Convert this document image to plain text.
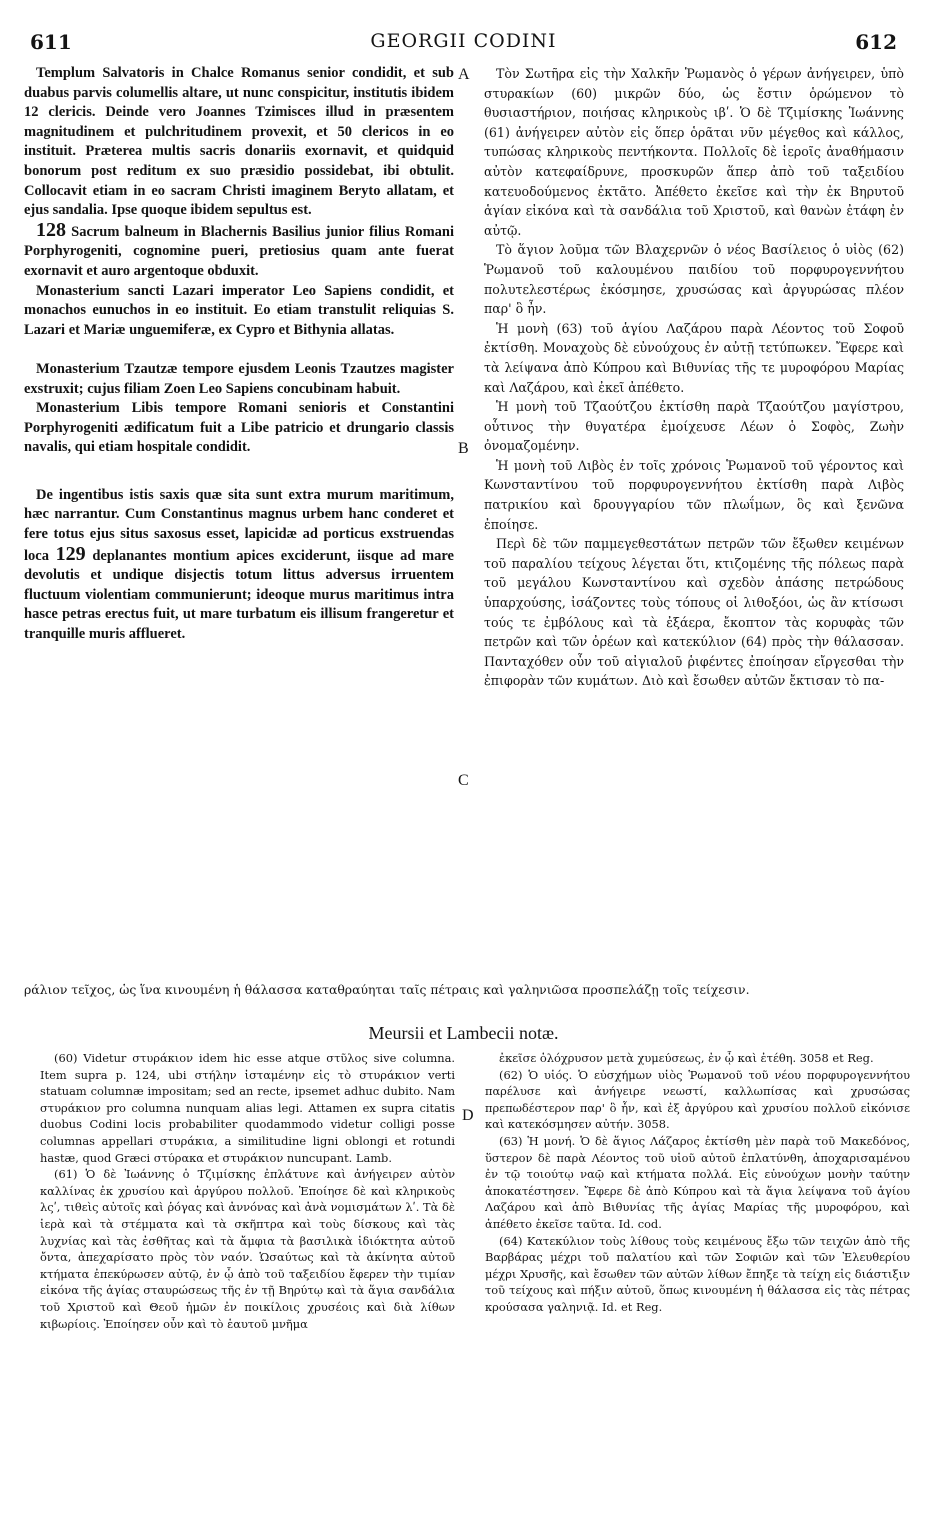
611	GEORGII CODINI	612
A
B
C
D

Templum Salvatoris in Chalce Romanus senior condidit, et sub duabus parvis columellis altare, ut nunc conspicitur, institutis ibidem 12 clericis. Deinde vero Joannes Tzimisces illud in præsentem magnitudinem et pulchritudinem provexit, et 50 clericos in eo instituit. Præterea multis sacris donariis exornavit, et quidquid bonorum post reditum ex suo præsidio possidebat, ibi obtulit. Collocavit etiam in eo sacram Christi imaginem Beryto allatam, et ejus sandalia. Ipse quoque ibidem sepultus est.

128 Sacrum balneum in Blachernis Basilius junior filius Romani Porphyrogeniti, cognomine pueri, pretiosius quam ante fuerat exornavit et auro argentoque obduxit.

Monasterium sancti Lazari imperator Leo Sapiens condidit, et monachos eunuchos in eo instituit. Eo etiam transtulit reliquias S. Lazari et Mariæ unguemiferæ, ex Cypro et Bithynia allatas.

Monasterium Tzautzæ tempore ejusdem Leonis Tzautzes magister exstruxit; cujus filiam Zoen Leo Sapiens concubinam habuit.

Monasterium Libis tempore Romani senioris et Constantini Porphyrogeniti ædificatum fuit a Libe patricio et drungario classis navalis, qui etiam hospitale condidit.

De ingentibus istis saxis quæ sita sunt extra murum maritimum, hæc narrantur. Cum Constantinus magnus urbem hanc conderet et fere totus ejus situs saxosus esset, lapicidæ ad porticus exstruendas loca 129 deplanantes montium apices exciderunt, iisque ad mare devolutis et undique disjectis totum littus adversus irruentem fluctuum violentiam communierunt; ideoque murus maritimus intra hasce petras erectus fuit, ut mare turbatum eis illisum frangeretur et tranquille muris afflueret.

Τὸν Σωτῆρα εἰς τὴν Χαλκῆν Ῥωμανὸς ὁ γέρων ἀνήγειρεν, ὑπὸ στυρακίων (60) μικρῶν δύο, ὡς ἔστιν ὁρώμενον τὸ θυσιαστήριον, ποιήσας κληρικοὺς ιβʹ. Ὁ δὲ Τζιμίσκης Ἰωάννης (61) ἀνήγειρεν αὐτὸν εἰς ὅπερ ὁρᾶται νῦν μέγεθος καὶ κάλλος, τυπώσας κληρικοὺς πεντήκοντα. Πολλοῖς δὲ ἱεροῖς ἀναθήμασιν αὐτὸν κατεφαίδρυνε, προσκυρῶν ἅπερ ἀπὸ τοῦ ταξειδίου κατευοδούμενος ἐκτᾶτο. Ἀπέθετο ἐκεῖσε καὶ τὴν ἐκ Βηρυτοῦ ἁγίαν εἰκόνα καὶ τὰ σανδάλια τοῦ Χριστοῦ, καὶ θανὼν ἐτάφη ἐν αὐτῷ.

Τὸ ἅγιον λοῦμα τῶν Βλαχερνῶν ὁ νέος Βασίλειος ὁ υἱὸς (62) Ῥωμανοῦ τοῦ καλουμένου παιδίου τοῦ πορφυρογεννήτου πολυτελεστέρως ἐκόσμησε, χρυσώσας καὶ ἀργυρώσας πλέον παρ' ὃ ἦν.

Ἡ μονὴ (63) τοῦ ἁγίου Λαζάρου παρὰ Λέοντος τοῦ Σοφοῦ ἐκτίσθη. Μοναχοὺς δὲ εὐνούχους ἐν αὐτῇ τετύπωκεν. Ἔφερε καὶ τὰ λείψανα ἀπὸ Κύπρου καὶ Βιθυνίας τῆς τε μυροφόρου Μαρίας καὶ Λαζάρου, καὶ ἐκεῖ ἀπέθετο.

Ἡ μονὴ τοῦ Τζαούτζου ἐκτίσθη παρὰ Τζαούτζου μαγίστρου, οὗτινος τὴν θυγατέρα ἐμοίχευσε Λέων ὁ Σοφὸς, Ζωὴν ὀνομαζομένην.

Ἡ μονὴ τοῦ Λιβὸς ἐν τοῖς χρόνοις Ῥωμανοῦ τοῦ γέροντος καὶ Κωνσταντίνου τοῦ πορφυρογεννήτου ἐκτίσθη παρὰ Λιβὸς πατρικίου καὶ δρουγγαρίου τῶν πλωΐμων, ὃς καὶ ξενῶνα ἐποίησε.

Περὶ δὲ τῶν παμμεγεθεστάτων πετρῶν τῶν ἔξωθεν κειμένων τοῦ παραλίου τείχους λέγεται ὅτι, κτιζομένης τῆς πόλεως παρὰ τοῦ μεγάλου Κωνσταντίνου καὶ σχεδὸν ἁπάσης πετρώδους ὑπαρχούσης, ἰσάζοντες τοὺς τόπους οἱ λιθοξόοι, ὡς ἂν κτίσωσι τούς τε ἐμβόλους καὶ τὰ ἐξάερα, ἔκοπτον τὰς κορυφὰς τῶν πετρῶν καὶ τῶν ὀρέων καὶ κατεκύλιον (64) πρὸς τὴν θάλασσαν. Πανταχόθεν οὖν τοῦ αἰγιαλοῦ ῥιφέντες ἐποίησαν εἴργεσθαι τὴν ἐπιφορὰν τῶν κυμάτων. Διὸ καὶ ἔσωθεν αὐτῶν ἔκτισαν τὸ πα-

ράλιον τεῖχος, ὡς ἵνα κινουμένη ἡ θάλασσα καταθραύηται ταῖς πέτραις καὶ γαληνιῶσα προσπελάζῃ τοῖς τείχεσιν.
Meursii et Lambecii notæ.

(60) Videtur στυράκιον idem hic esse atque στῦλος sive columna. Item supra p. 124, ubi στήλην ἱσταμένην εἰς τὸ στυράκιον verti statuam columnæ impositam; sed an recte, ipsemet adhuc dubito. Nam στυράκιον pro columna nunquam alias legi. Attamen ex supra citatis duobus Codini locis probabiliter quodammodo videtur colligi posse columnas appellari στυράκια, a similitudine ligni oblongi et rotundi hastæ, quod Græci στύρακα et στυράκιον nuncupant. Lamb.

(61) Ὁ δὲ Ἰωάννης ὁ Τζιμίσκης ἐπλάτυνε καὶ ἀνήγειρεν αὐτὸν καλλίνας ἐκ χρυσίου καὶ ἀργύρου πολλοῦ. Ἐποίησε δὲ καὶ κληρικοὺς λςʹ, τιθεὶς αὐτοῖς καὶ ῥόγας καὶ ἀννόνας καὶ ἀνὰ νομισμάτων λʹ. Τὰ δὲ ἱερὰ καὶ τὰ στέμματα καὶ τὰ σκῆπτρα καὶ τοὺς δίσκους καὶ τὰς λυχνίας καὶ τὰς ἐσθῆτας καὶ τὰ ἄμφια τὰ βασιλικὰ ἰδιόκτητα αὐτοῦ ὄντα, ἀπεχαρίσατο πρὸς τὸν ναόν. Ὡσαύτως καὶ τὰ ἀκίνητα αὐτοῦ κτήματα ἐπεκύρωσεν αὐτῷ, ἐν ᾧ ἀπὸ τοῦ ταξειδίου ἔφερεν τὴν τιμίαν εἰκόνα τῆς ἁγίας σταυρώσεως τῆς ἐν τῇ Βηρύτῳ καὶ τὰ ἅγια σανδάλια τοῦ Χριστοῦ καὶ Θεοῦ ἡμῶν ἐν ποικίλοις χρυσέοις καὶ διὰ λίθων κιβωρίοις. Ἐποίησεν οὖν καὶ τὸ ἑαυτοῦ μνῆμα

ἐκεῖσε ὁλόχρυσον μετὰ χυμεύσεως, ἐν ᾧ καὶ ἐτέθη. 3058 et Reg.

(62) Ὁ υἱός. Ὁ εὐσχήμων υἱὸς Ῥωμανοῦ τοῦ νέου πορφυρογεννήτου παρέλυσε καὶ ἀνήγειρε νεωστί, καλλωπίσας καὶ χρυσώσας πρεπωδέστερον παρ' ὃ ἦν, καὶ ἐξ ἀργύρου καὶ χρυσίου πολλοῦ εἰκόνισε καὶ κατεκόσμησεν αὐτήν. 3058.

(63) Ἡ μονή. Ὁ δὲ ἅγιος Λάζαρος ἐκτίσθη μὲν παρὰ τοῦ Μακεδόνος, ὕστερον δὲ παρὰ Λέοντος τοῦ υἱοῦ αὐτοῦ ἐπλατύνθη, ἀποχαρισαμένου ἐν τῷ τοιούτῳ ναῷ καὶ κτήματα πολλά. Εἰς εὐνούχων μονὴν ταύτην ἀποκατέστησεν. Ἔφερε δὲ ἀπὸ Κύπρου καὶ τὰ ἅγια λείψανα τοῦ ἁγίου Λαζάρου καὶ ἀπὸ Βιθυνίας τῆς ἁγίας Μαρίας τῆς μυροφόρου, καὶ ἀπέθετο ἐκεῖσε ταῦτα. Id. cod.

(64) Κατεκύλιον τοὺς λίθους τοὺς κειμένους ἔξω τῶν τειχῶν ἀπὸ τῆς Βαρβάρας μέχρι τοῦ παλατίου καὶ τῶν Σοφιῶν καὶ τῶν Ἐλευθερίου μέχρι Χρυσῆς, καὶ ἔσωθεν τῶν αὐτῶν λίθων ἔπηξε τὰ τείχη εἰς διάστιξιν τοῦ τείχους καὶ πήξιν αὐτοῦ, ὅπως κινουμένη ἡ θάλασσα εἰς τὰς πέτρας κρούσασα γαληνιᾷ. Id. et Reg.
